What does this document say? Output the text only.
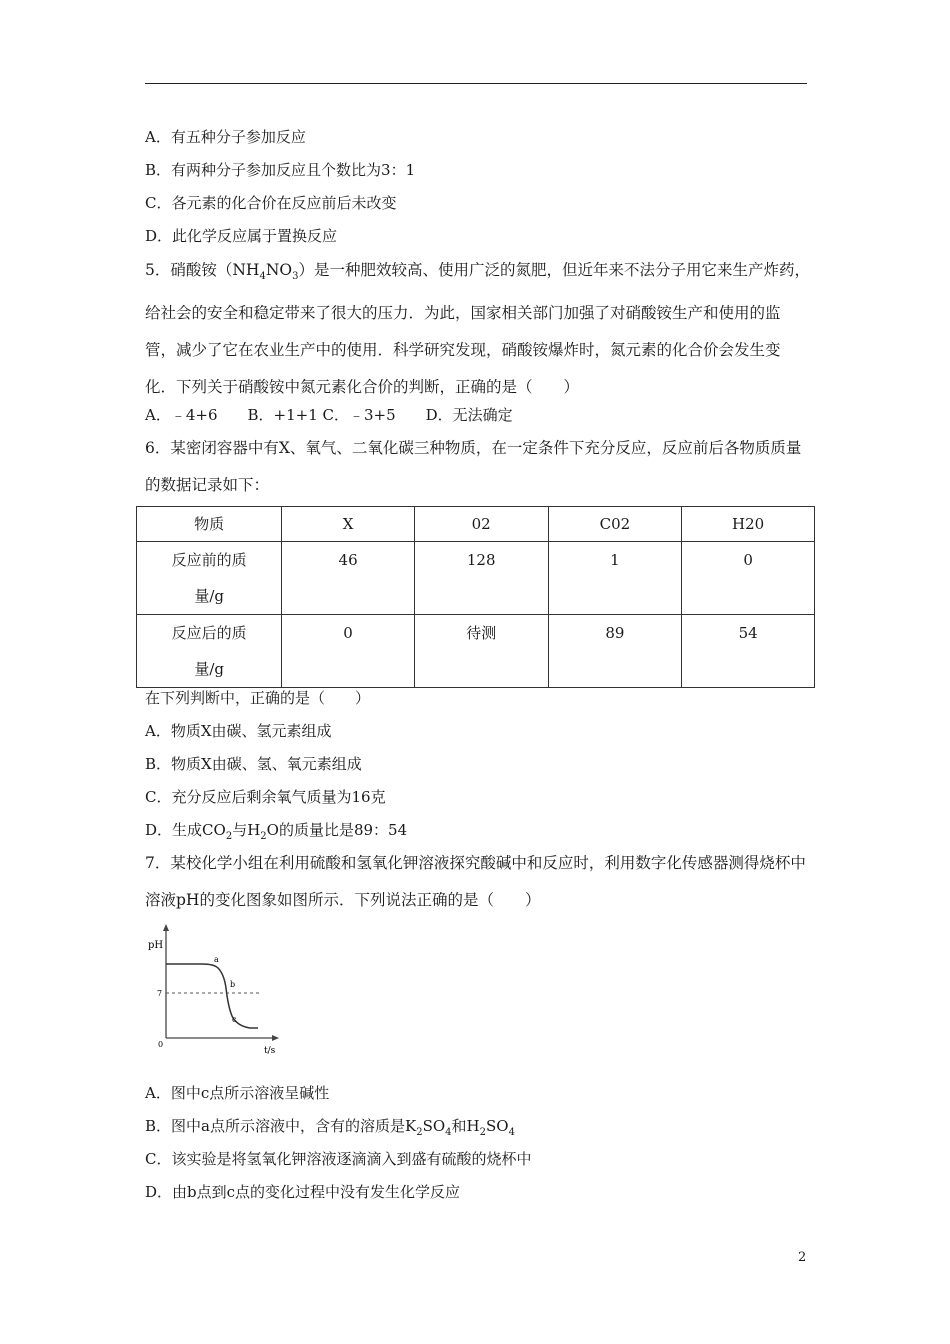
A．有五种分子参加反应
B．有两种分子参加反应且个数比为3：1
C．各元素的化合价在反应前后未改变
D．此化学反应属于置换反应
5．硝酸铵$(NH_4NO_3)$是一种肥效较高、使用广泛的氮肥，但近年来不法分子用它来生产炸药，给社会的安全和稳定带来了很大的压力．为此，国家相关部门加强了对硝酸铵生产和使用的监管，减少了它在农业生产中的使用．科学研究发现，硝酸铵爆炸时，氮元素的化合价会发生变化．下列关于硝酸铵中氮元素化合价的判断，正确的是（　　）
A．﹣4+6　　B．+1+1 C．﹣3+5　　D．无法确定
6．某密闭容器中有X、氧气、二氧化碳三种物质，在一定条件下充分反应，反应前后各物质质量的数据记录如下：
物质	X	02	C02	H20

反应前的质量/g	46	128	1	0

反应后的质量/g	0	待测	89	54
在下列判断中，正确的是（　　）
A．物质X由碳、氢元素组成
B．物质X由碳、氢、氧元素组成
C．充分反应后剩余氧气质量为16克
D．生成$CO_2$与$H_2O$的质量比是89：54
7．某校化学小组在利用硫酸和氢氧化钾溶液探究酸碱中和反应时，利用数字化传感器测得烧杯中溶液pH的变化图象如图所示．下列说法正确的是（　　）
pH
t/s
0
7
a
b
c
A．图中c点所示溶液呈碱性
B．图中a点所示溶液中，含有的溶质是$K_2SO_4$和$H_2SO_4$
C．该实验是将氢氧化钾溶液逐滴滴入到盛有硫酸的烧杯中
D．由b点到c点的变化过程中没有发生化学反应
2
